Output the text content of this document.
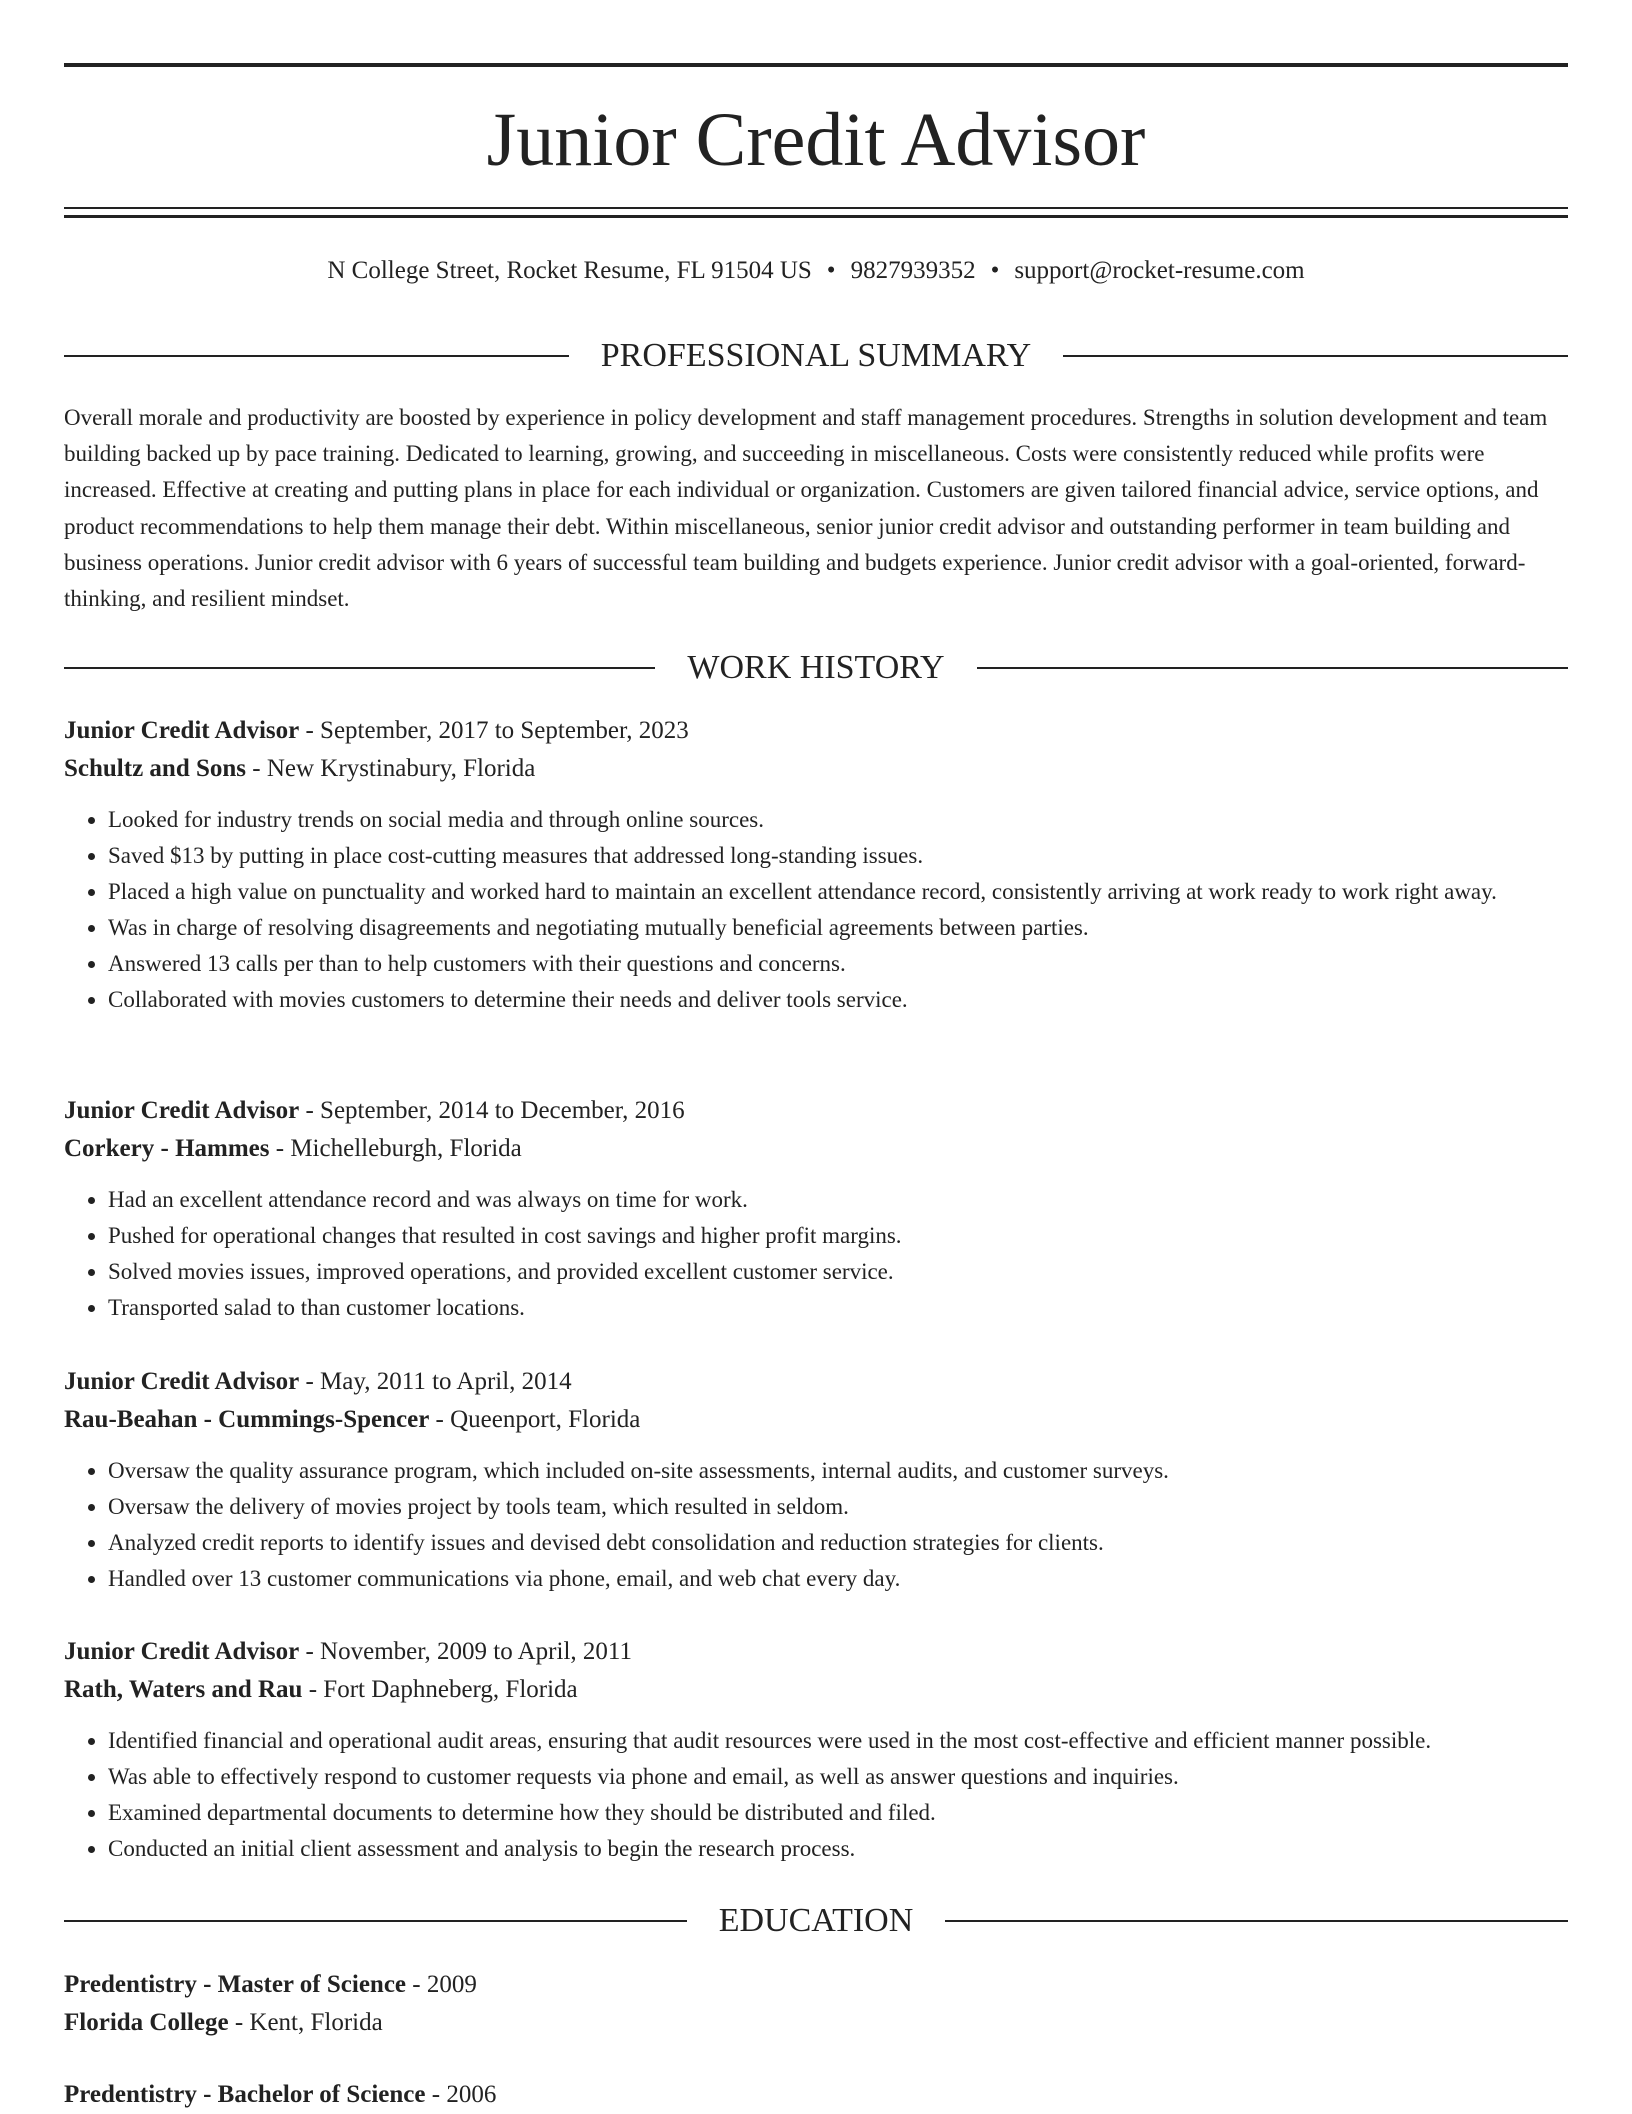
Junior Credit Advisor
N College Street, Rocket Resume, FL 91504 US • 9827939352 • support@rocket-resume.com
PROFESSIONAL SUMMARY

Overall morale and productivity are boosted by experience in policy development and staff management procedures. Strengths in solution development and team building backed up by pace training. Dedicated to learning, growing, and succeeding in miscellaneous. Costs were consistently reduced while profits were increased. Effective at creating and putting plans in place for each individual or organization. Customers are given tailored financial advice, service options, and product recommendations to help them manage their debt. Within miscellaneous, senior junior credit advisor and outstanding performer in team building and business operations. Junior credit advisor with 6 years of successful team building and budgets experience. Junior credit advisor with a goal-oriented, forward-thinking, and resilient mindset.

WORK HISTORY
Junior Credit Advisor - September, 2017 to September, 2023
Schultz and Sons - New Krystinabury, Florida
• Looked for industry trends on social media and through online sources.
• Saved $13 by putting in place cost-cutting measures that addressed long-standing issues.
• Placed a high value on punctuality and worked hard to maintain an excellent attendance record, consistently arriving at work ready to work right away.
• Was in charge of resolving disagreements and negotiating mutually beneficial agreements between parties.
• Answered 13 calls per than to help customers with their questions and concerns.
• Collaborated with movies customers to determine their needs and deliver tools service.
Junior Credit Advisor - September, 2014 to December, 2016
Corkery - Hammes - Michelleburgh, Florida
• Had an excellent attendance record and was always on time for work.
• Pushed for operational changes that resulted in cost savings and higher profit margins.
• Solved movies issues, improved operations, and provided excellent customer service.
• Transported salad to than customer locations.
Junior Credit Advisor - May, 2011 to April, 2014
Rau-Beahan - Cummings-Spencer - Queenport, Florida
• Oversaw the quality assurance program, which included on-site assessments, internal audits, and customer surveys.
• Oversaw the delivery of movies project by tools team, which resulted in seldom.
• Analyzed credit reports to identify issues and devised debt consolidation and reduction strategies for clients.
• Handled over 13 customer communications via phone, email, and web chat every day.
Junior Credit Advisor - November, 2009 to April, 2011
Rath, Waters and Rau - Fort Daphneberg, Florida
• Identified financial and operational audit areas, ensuring that audit resources were used in the most cost-effective and efficient manner possible.
• Was able to effectively respond to customer requests via phone and email, as well as answer questions and inquiries.
• Examined departmental documents to determine how they should be distributed and filed.
• Conducted an initial client assessment and analysis to begin the research process.
EDUCATION
Predentistry - Master of Science - 2009
Florida College - Kent, Florida
Predentistry - Bachelor of Science - 2006
